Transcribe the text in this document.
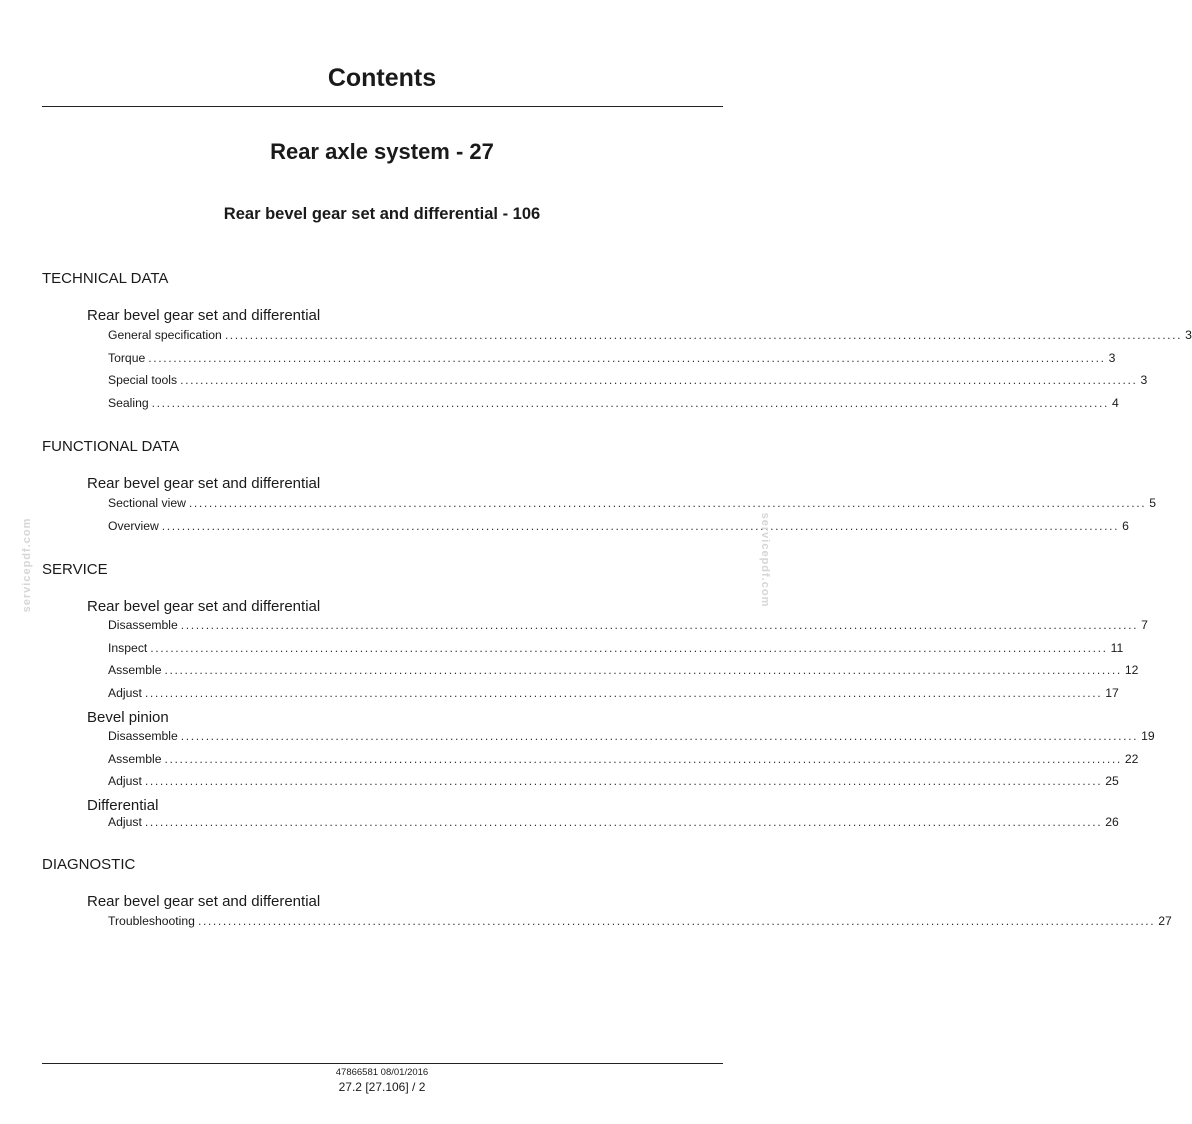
Contents
Rear axle system - 27
Rear bevel gear set and differential - 106
TECHNICAL DATA
Rear bevel gear set and differential
General specification ................................................................................................................................................................................................ 3
Torque ................................................................................................................................................................................................ 3
Special tools ................................................................................................................................................................................................ 3
Sealing ................................................................................................................................................................................................ 4
FUNCTIONAL DATA
Rear bevel gear set and differential
Sectional view ................................................................................................................................................................................................ 5
Overview ................................................................................................................................................................................................ 6
SERVICE
Rear bevel gear set and differential
Disassemble ................................................................................................................................................................................................ 7
Inspect ................................................................................................................................................................................................ 11
Assemble ................................................................................................................................................................................................ 12
Adjust ................................................................................................................................................................................................ 17
Bevel pinion
Disassemble ................................................................................................................................................................................................ 19
Assemble ................................................................................................................................................................................................ 22
Adjust ................................................................................................................................................................................................ 25
Differential
Adjust ................................................................................................................................................................................................ 26
DIAGNOSTIC
Rear bevel gear set and differential
Troubleshooting ................................................................................................................................................................................................ 27
servicepdf.com	servicepdf.com
47866581 08/01/2016
27.2 [27.106] / 2
